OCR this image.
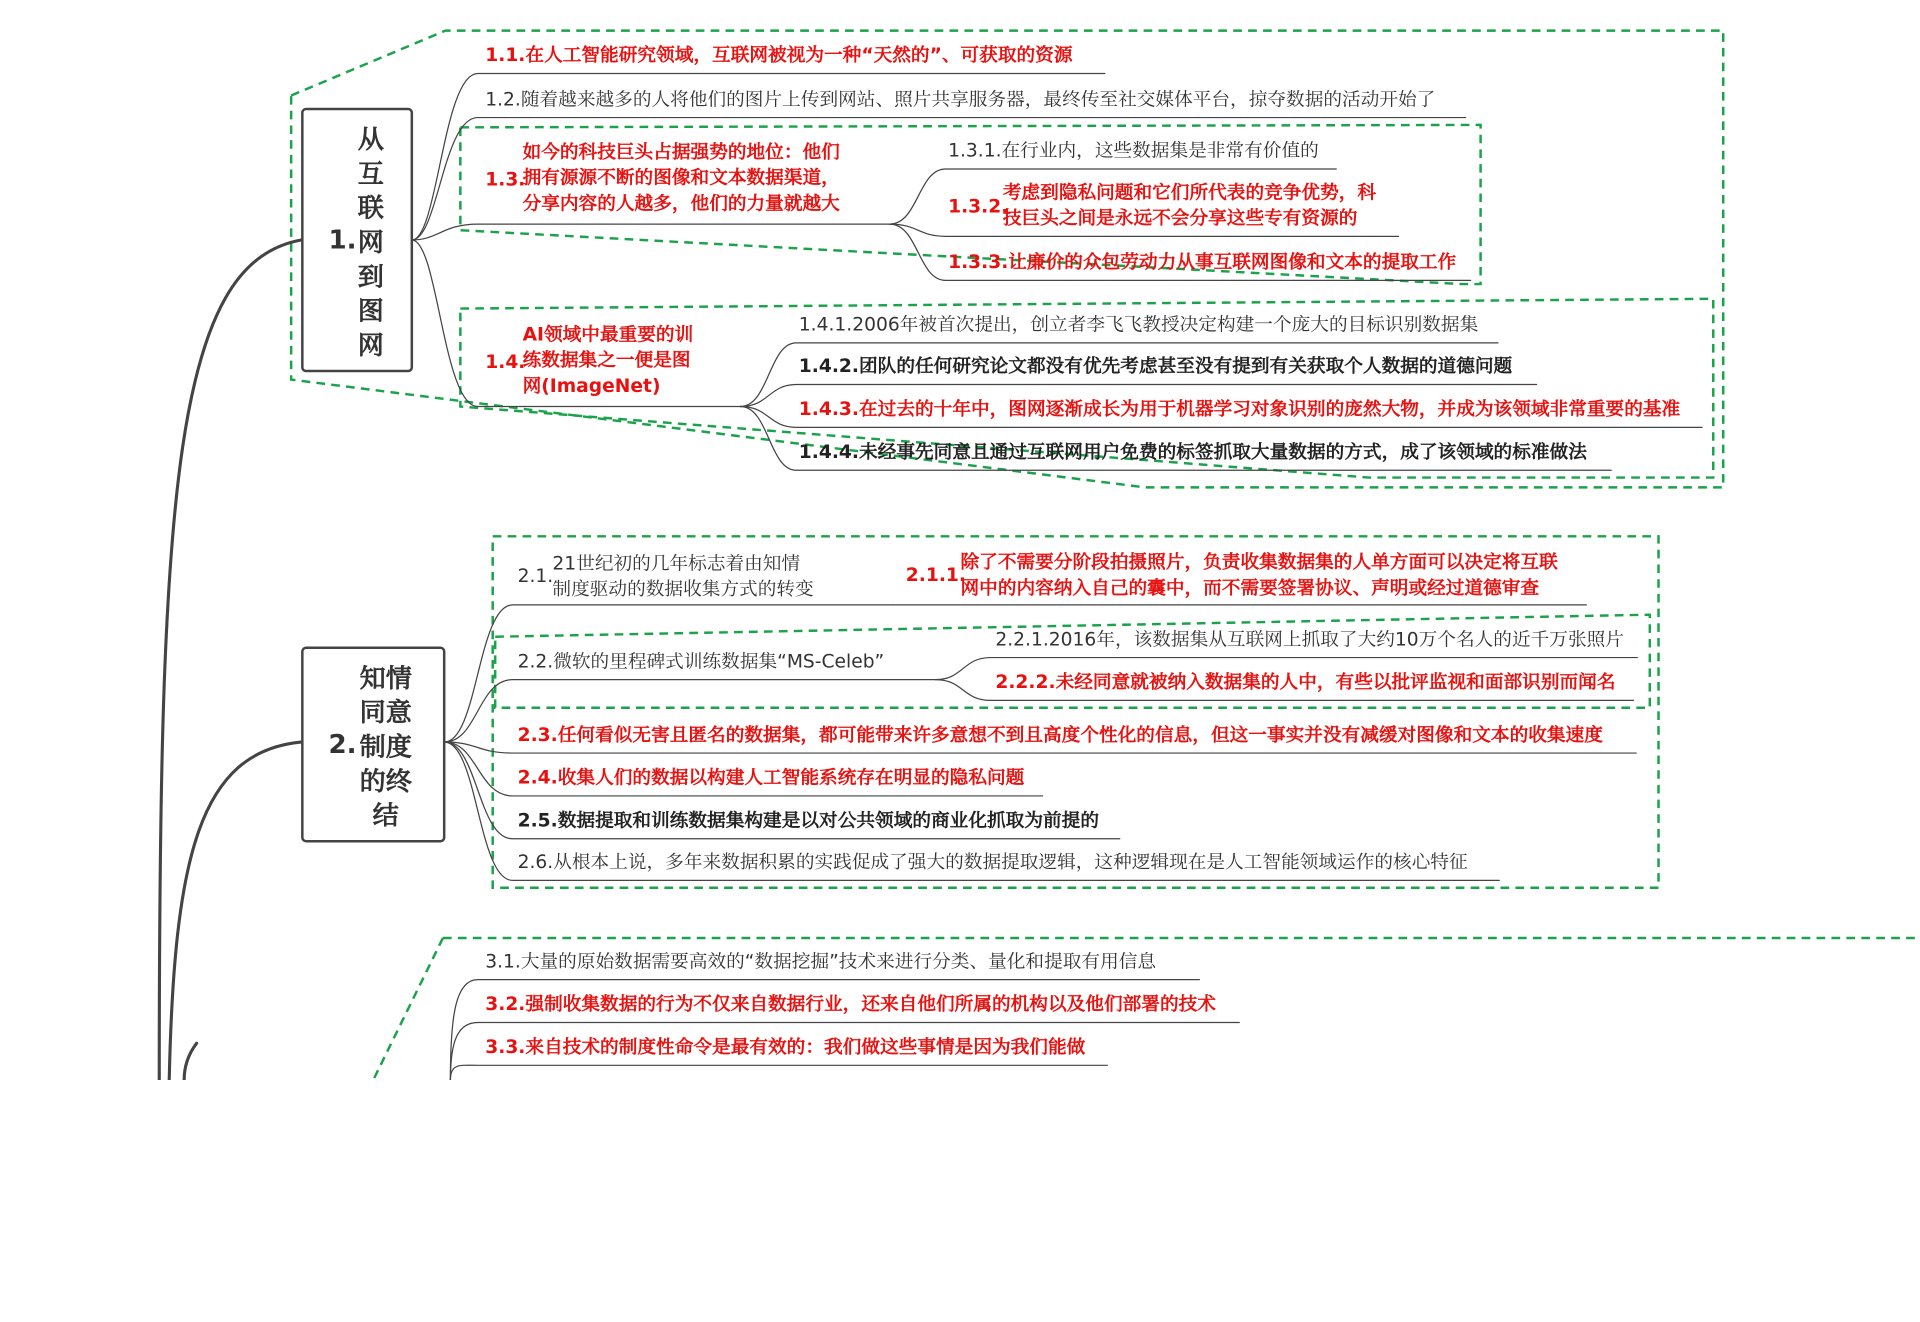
1.
从互联网到图网
1.1.在人工智能研究领域，互联网被视为一种“天然的”、可获取的资源
1.2.随着越来越多的人将他们的图片上传到网站、照片共享服务器，最终传至社交媒体平台，掠夺数据的活动开始了
1.3.
如今的科技巨头占据强势的地位：他们
拥有源源不断的图像和文本数据渠道，
分享内容的人越多，他们的力量就越大
1.3.1.在行业内，这些数据集是非常有价值的
1.3.2.
考虑到隐私问题和它们所代表的竞争优势，科
技巨头之间是永远不会分享这些专有资源的
1.3.3.让廉价的众包劳动力从事互联网图像和文本的提取工作
1.4.
AI领域中最重要的训
练数据集之一便是图
网(ImageNet)
1.4.1.2006年被首次提出，创立者李飞飞教授决定构建一个庞大的目标识别数据集
1.4.2.团队的任何研究论文都没有优先考虑甚至没有提到有关获取个人数据的道德问题
1.4.3.在过去的十年中，图网逐渐成长为用于机器学习对象识别的庞然大物，并成为该领域非常重要的基准
1.4.4.未经事先同意且通过互联网用户免费的标签抓取大量数据的方式，成了该领域的标准做法
2.
知情同意制度的终结
2.1.
21世纪初的几年标志着由知情
制度驱动的数据收集方式的转变
2.1.1.
除了不需要分阶段拍摄照片，负责收集数据集的人单方面可以决定将互联
网中的内容纳入自己的囊中，而不需要签署协议、声明或经过道德审查
2.2.微软的里程碑式训练数据集“MS-Celeb”
2.2.1.2016年，该数据集从互联网上抓取了大约10万个名人的近千万张照片
2.2.2.未经同意就被纳入数据集的人中，有些以批评监视和面部识别而闻名
2.3.任何看似无害且匿名的数据集，都可能带来许多意想不到且高度个性化的信息，但这一事实并没有减缓对图像和文本的收集速度
2.4.收集人们的数据以构建人工智能系统存在明显的隐私问题
2.5.数据提取和训练数据集构建是以对公共领域的商业化抓取为前提的
2.6.从根本上说，多年来数据积累的实践促成了强大的数据提取逻辑，这种逻辑现在是人工智能领域运作的核心特征
3.1.大量的原始数据需要高效的“数据挖掘”技术来进行分类、量化和提取有用信息
3.2.强制收集数据的行为不仅来自数据行业，还来自他们所属的机构以及他们部署的技术
3.3.来自技术的制度性命令是最有效的：我们做这些事情是因为我们能做
